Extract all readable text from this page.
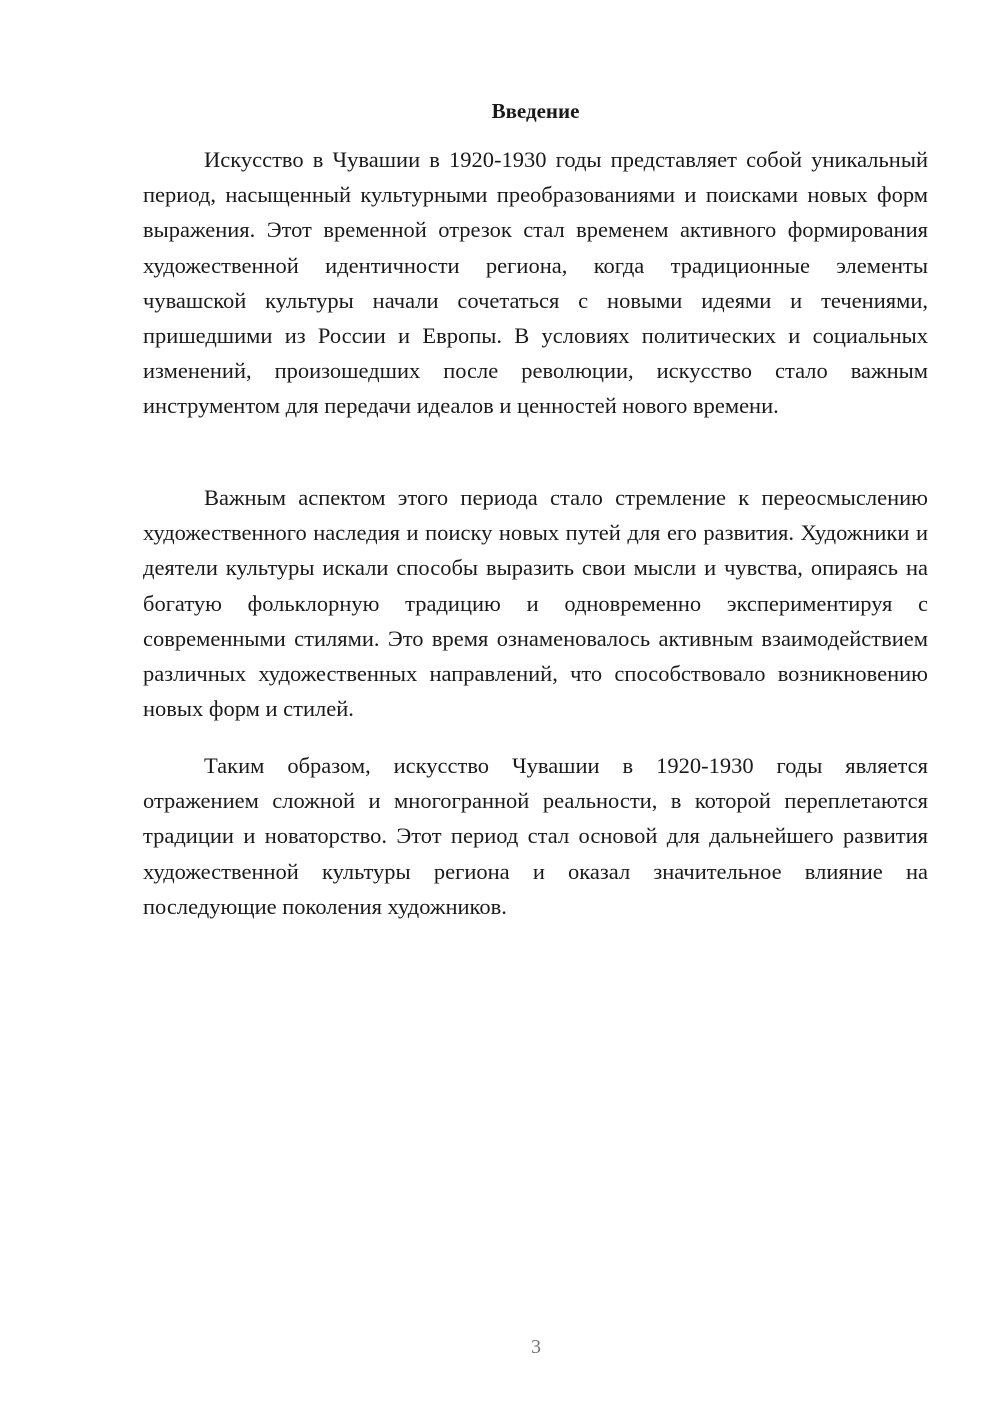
Введение

Искусство в Чувашии в 1920-1930 годы представляет собой уникальный период, насыщенный культурными преобразованиями и поисками новых форм выражения. Этот временной отрезок стал временем активного формирования художественной идентичности региона, когда традиционные элементы чувашской культуры начали сочетаться с новыми идеями и течениями, пришедшими из России и Европы. В условиях политических и социальных изменений, произошедших после революции, искусство стало важным инструментом для передачи идеалов и ценностей нового времени.

Важным аспектом этого периода стало стремление к переосмыслению художественного наследия и поиску новых путей для его развития. Художники и деятели культуры искали способы выразить свои мысли и чувства, опираясь на богатую фольклорную традицию и одновременно экспериментируя с современными стилями. Это время ознаменовалось активным взаимодействием различных художественных направлений, что способствовало возникновению новых форм и стилей.

Таким образом, искусство Чувашии в 1920-1930 годы является отражением сложной и многогранной реальности, в которой переплетаются традиции и новаторство. Этот период стал основой для дальнейшего развития художественной культуры региона и оказал значительное влияние на последующие поколения художников.

3
